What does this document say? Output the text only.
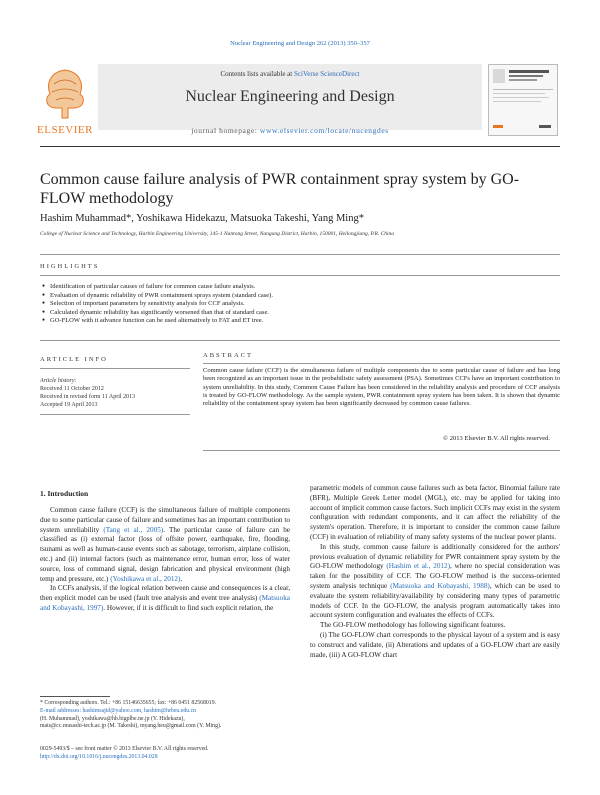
Nuclear Engineering and Design 262 (2013) 350–357
ELSEVIER
Contents lists available at SciVerse ScienceDirect
Nuclear Engineering and Design
journal homepage: www.elsevier.com/locate/nucengdes
Common cause failure analysis of PWR containment spray system by GO-FLOW methodology
Hashim Muhammad*, Yoshikawa Hidekazu, Matsuoka Takeshi, Yang Ming*
College of Nuclear Science and Technology, Harbin Engineering University, 145-1 Nantong Street, Nangang District, Harbin, 150001, Heilongjiang, P.R. China
HIGHLIGHTS
● Identification of particular causes of failure for common cause failure analysis.
● Evaluation of dynamic reliability of PWR containment sprays system (standard case).
● Selection of important parameters by sensitivity analysis for CCF analysis.
● Calculated dynamic reliability has significantly worsened than that of standard case.
● GO-FLOW with it advance function can be used alternatively to FAT and ET tree.
ARTICLE INFO
Article history:
Received 11 October 2012
Received in revised form 11 April 2013
Accepted 19 April 2013
ABSTRACT
Common cause failure (CCF) is the simultaneous failure of multiple components due to some particular cause of failure and has long been recognized as an important issue in the probabilistic safety assessment (PSA). Sometimes CCFs have an important contribution to system unreliability. In this study, Common Cause Failure has been considered in the reliability analysis and procedure of CCF analysis is treated by GO-FLOW methodology. As the sample system, PWR containment spray system has been taken. It is shown that dynamic reliability of the containment spray system has been significantly decreased by common cause failures.
© 2013 Elsevier B.V. All rights reserved.
1. Introduction

Common cause failure (CCF) is the simultaneous failure of multiple components due to some particular cause of failure and sometimes has an important contribution to system unreliability (Tang et al., 2005). The particular cause of failure can be classified as (i) external factor (loss of offsite power, earthquake, fire, flooding, tsunami as well as human-cause events such as sabotage, terrorism, airplane collision, etc.) and (ii) internal factors (such as maintenance error, human error, loss of water source, loss of command signal, design fabrication and physical environment (high temp and pressure, etc.) (Yoshikawa et al., 2012).

In CCFs analysis, if the logical relation between cause and consequences is a clear, then explicit model can be used (fault tree analysis and event tree analysis) (Matsuoka and Kobayashi, 1997). However, if it is difficult to find such explicit relation, the

parametric models of common cause failures such as beta factor, Binomial failure rate (BFR), Multiple Greek Letter model (MGL), etc. may be applied for taking into account of implicit common cause factors. Such implicit CCFs may exist in the system configuration with redundant components, and it can affect the reliability of the system's operation. Therefore, it is important to consider the common cause failure (CCF) in evaluation of reliability of many safety systems of the nuclear power plants.

In this study, common cause failure is additionally considered for the authors' previous evaluation of dynamic reliability for PWR containment spray system by the GO-FLOW methodology (Hashim et al., 2012), where no special consideration was taken for the possibility of CCF. The GO-FLOW method is the success-oriented system analysis technique (Matsuoka and Kobayashi, 1988), which can be used to evaluate the system reliability/availability by considering many types of parametric models of CCF. In the GO-FLOW, the analysis program automatically takes into account system configuration and evaluates the effects of CCFs.

The GO-FLOW methodology has following significant features.

(i) The GO-FLOW chart corresponds to the physical layout of a system and is easy to construct and validate, (ii) Alterations and updates of a GO-FLOW chart are easily made, (iii) A GO-FLOW chart

* Corresponding authors. Tel.: +86 15146635655; fax: +86 0451 82568019.
E-mail addresses: hashimsajid@yahoo.com, hashim@hrbeu.edu.cn
(H. Muhammad), yoshikawa@hb.bigplbe.ne.jp (Y. Hidekazu),
mats@cc.musashi-tech.ac.jp (M. Takeshi), myang.heu@gmail.com (Y. Ming).
0029-5493/$ – see front matter © 2013 Elsevier B.V. All rights reserved.
http://dx.doi.org/10.1016/j.nucengdes.2013.04.028
